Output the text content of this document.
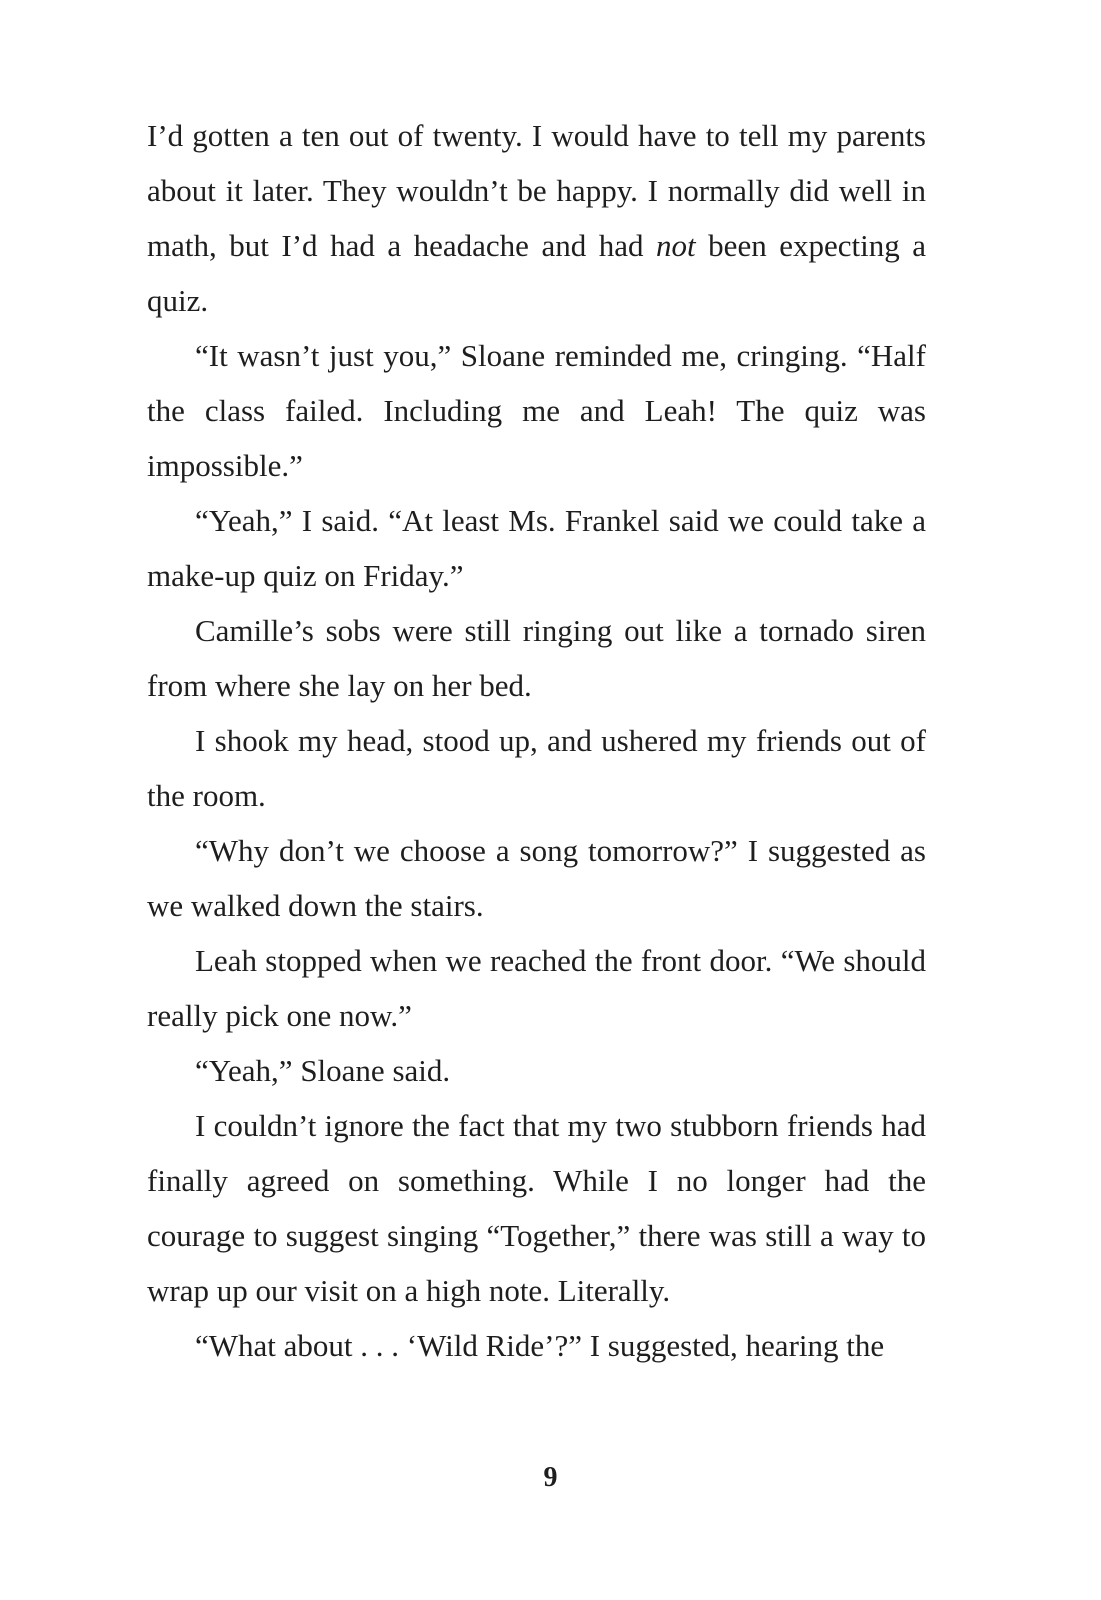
I’d gotten a ten out of twenty. I would have to tell my parents about it later. They wouldn’t be happy. I normally did well in math, but I’d had a headache and had not been expecting a quiz.

“It wasn’t just you,” Sloane reminded me, cringing. “Half the class failed. Including me and Leah! The quiz was impossible.”

“Yeah,” I said. “At least Ms. Frankel said we could take a make-up quiz on Friday.”

Camille’s sobs were still ringing out like a tornado siren from where she lay on her bed.

I shook my head, stood up, and ushered my friends out of the room.

“Why don’t we choose a song tomorrow?” I suggested as we walked down the stairs.

Leah stopped when we reached the front door. “We should really pick one now.”

“Yeah,” Sloane said.

I couldn’t ignore the fact that my two stubborn friends had finally agreed on something. While I no longer had the courage to suggest singing “Together,” there was still a way to wrap up our visit on a high note. Literally.

“What about . . . ‘Wild Ride’?” I suggested, hearing the

9
